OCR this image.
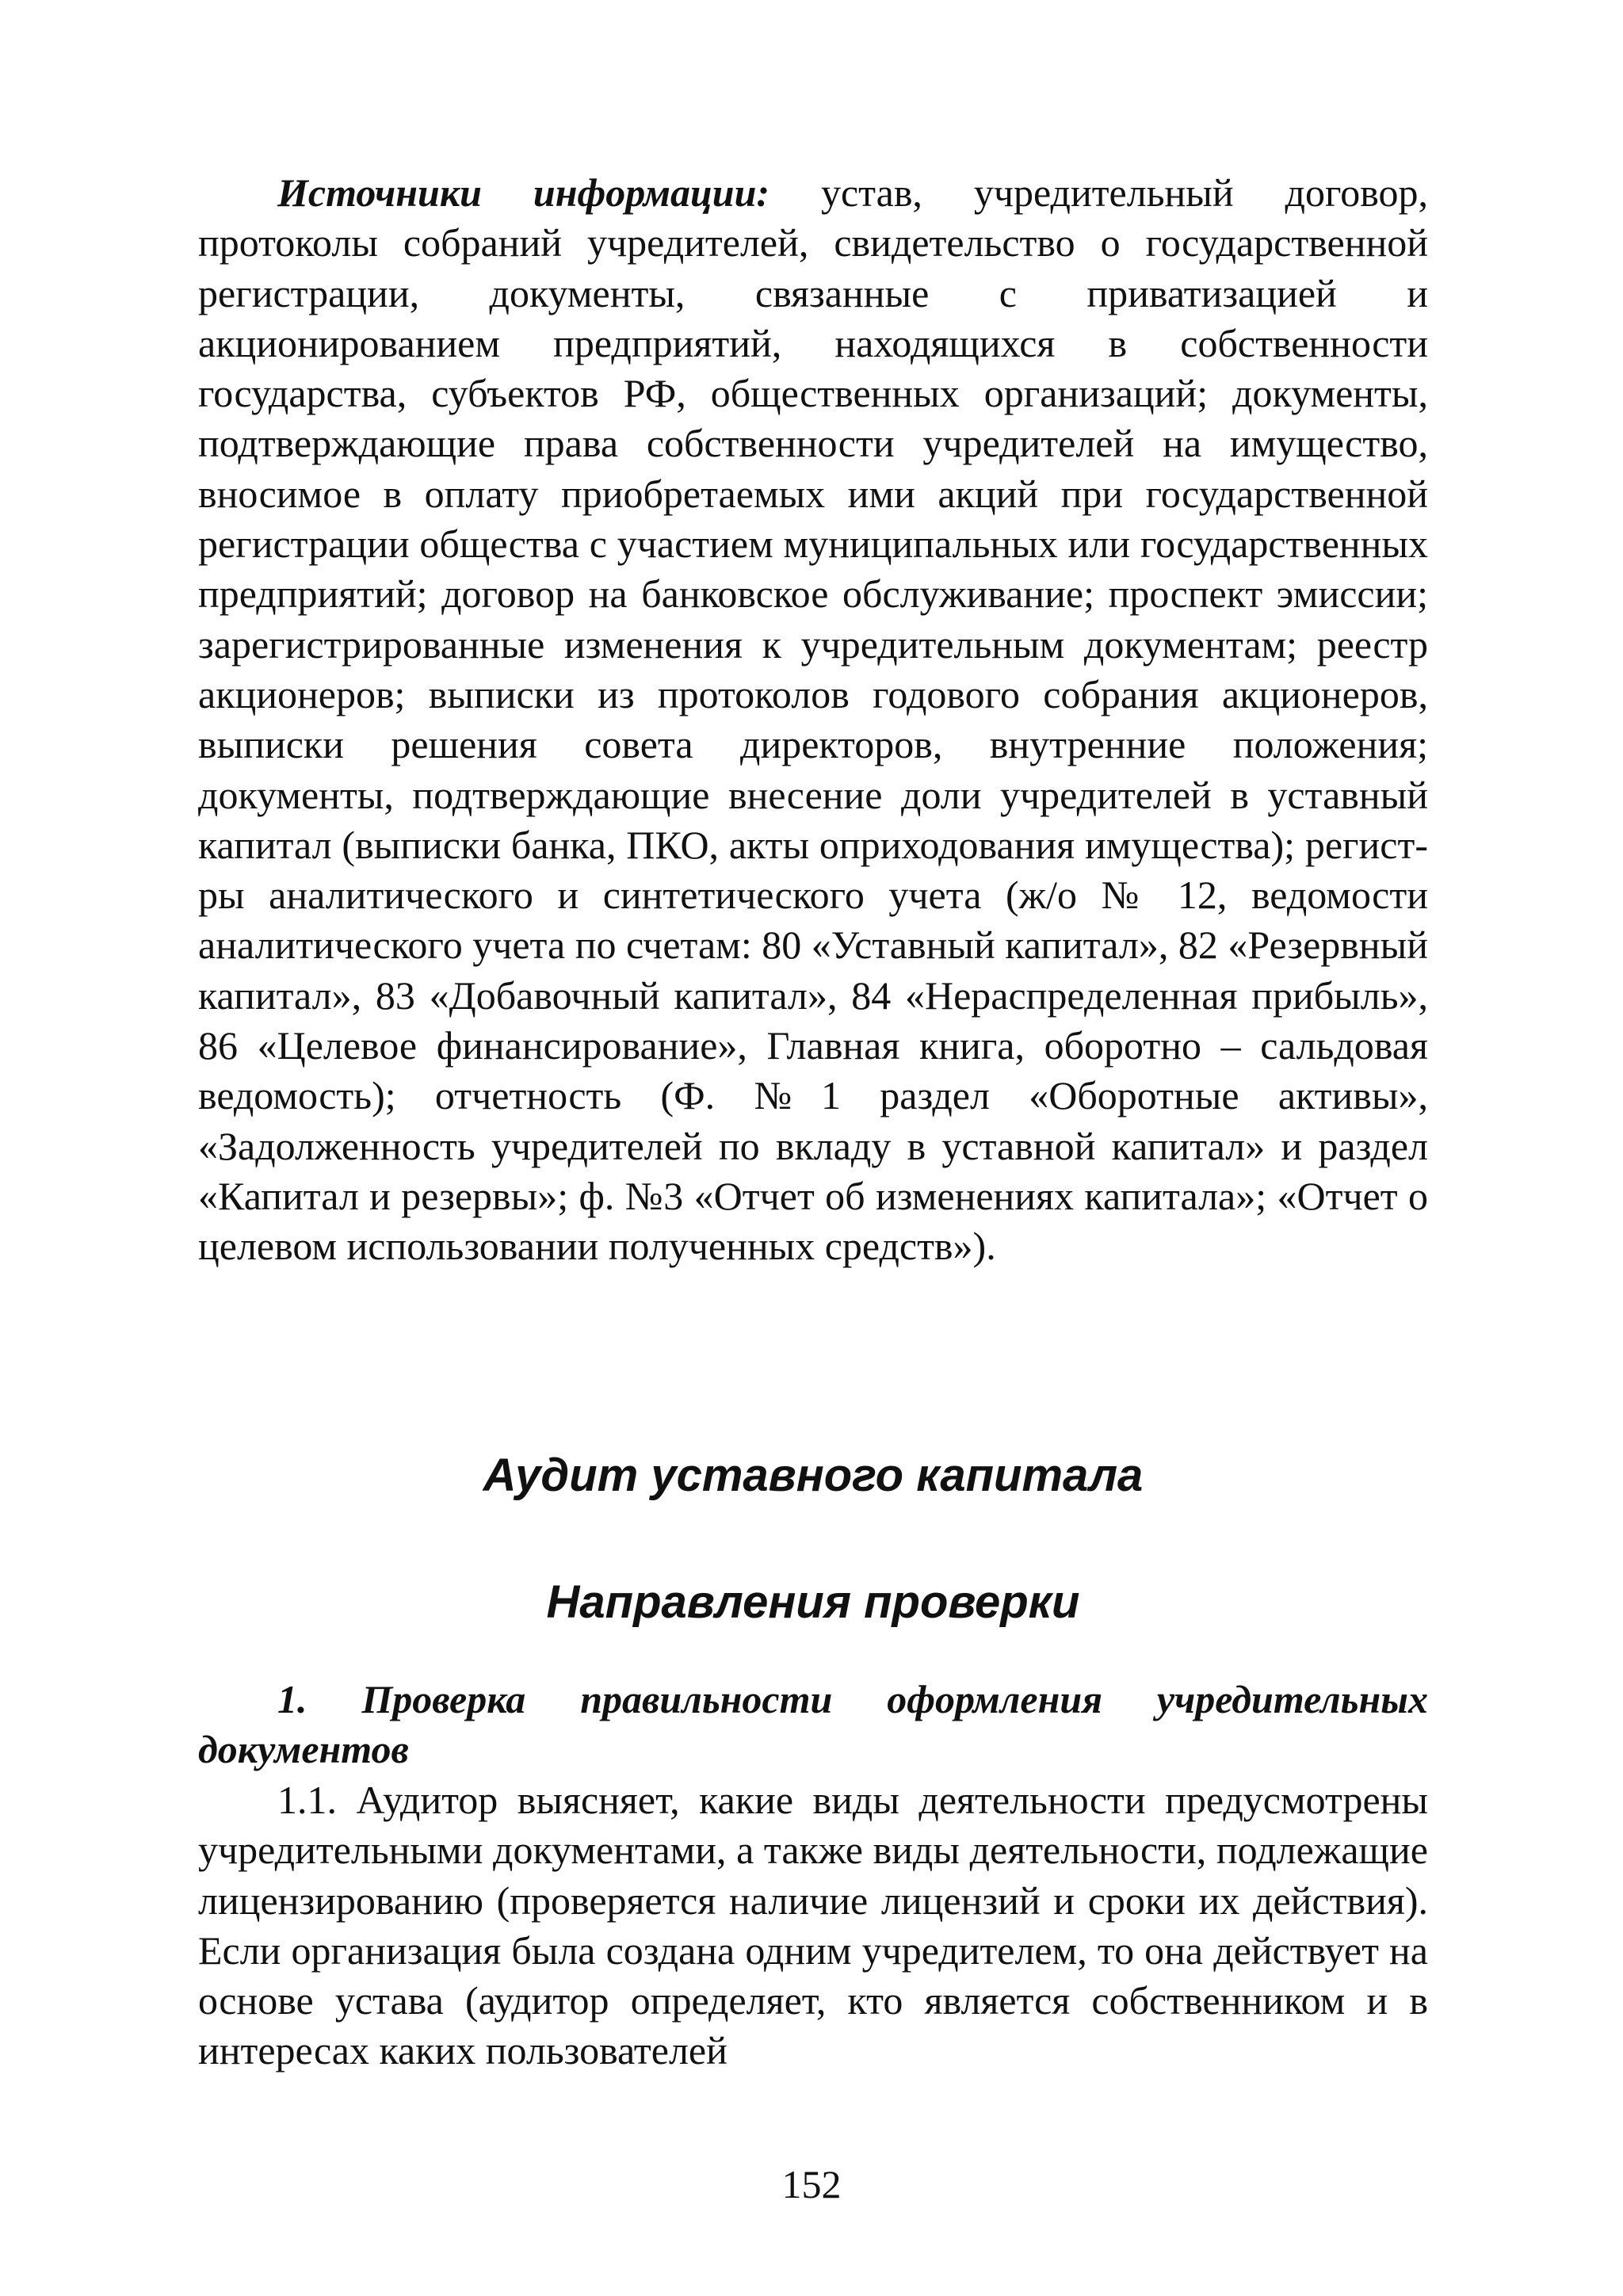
Источники информации: устав, учредительный договор, протоколы собраний учредителей, свидетельство о государственной регистрации, документы, связанные с приватизацией и акционированием предприятий, находящихся в собственности государства, субъектов РФ, общественных организаций; документы, подтверждающие права собственности учредителей на имущество, вносимое в оплату приобретаемых ими акций при государственной регистрации общества с участием муниципальных или государственных предприятий; договор на банковское обслуживание; проспект эмиссии; зарегистрированные изменения к учредительным документам; реестр акционеров; выписки из протоколов годового собрания акционеров, выписки решения совета директоров, внутренние положения; документы, подтверждающие внесение доли учредителей в уставный капитал (выписки банка, ПКО, акты оприходования имущества); регистры аналитического и синтетического учета (ж/о № 12, ведомости аналитического учета по счетам: 80 «Уставный капитал», 82 «Резервный капитал», 83 «Добавочный капитал», 84 «Нераспределенная прибыль», 86 «Целевое финансирование», Главная книга, оборотно – сальдовая ведомость); отчетность (Ф. №1 раздел «Оборотные активы», «Задолженность учредителей по вкладу в уставной капитал» и раздел «Капитал и резервы»; ф. №3 «Отчет об изменениях капитала»; «Отчет о целевом использовании полученных средств»).

Аудит уставного капитала
Направления проверки
1. Проверка правильности оформления учредительных документов

1.1. Аудитор выясняет, какие виды деятельности предусмотрены учредительными документами, а также виды деятельности, подлежащие лицензированию (проверяется наличие лицензий и сроки их действия). Если организация была создана одним учредителем, то она действует на основе устава (аудитор определяет, кто является собственником и в интересах каких пользователей

152
